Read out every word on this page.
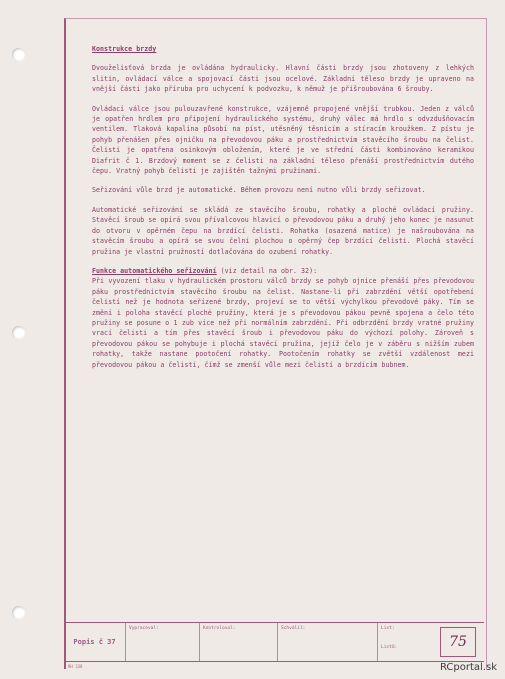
Konstrukce brzdy

Dvouželisťová brzda je ovládána hydraulicky. Hlavní části brzdy jsou zhotoveny z lehkých slitin, ovládací válce a spojovací části jsou ocelové. Základní těleso brzdy je upraveno na vnější části jako příruba pro uchycení k podvozku, k němuž je přišroubována 6 šrouby.

Ovládací válce jsou pulouzavřené konstrukce, vzájemně propojené vnější trubkou. Jeden z válců je opatřen hrdlem pro připojení hydraulického systému, druhý válec má hrdlo s odvzdušňovacím ventilem. Tlaková kapalina působí na píst, utěsněný těsnicím a stíracím kroužkem. Z pístu je pohyb přenášen přes ojničku na převodovou páku a prostřednictvím stavěcího šroubu na čelist. Čelisti je opatřena osinkovým obložením, které je ve střední části kombinováno keramikou Diafrit č 1. Brzdový moment se z čelisti na základní těleso přenáší prostřednictvím dutého čepu. Vratný pohyb čelisti je zajištěn tažnými pružinami.

Seřizování vůle brzd je automatické. Během provozu není nutno vůli brzdy seřizovat.

Automatické seřizování se skládá ze stavěcího šroubu, rohatky a ploché ovládací pružiny. Stavěcí šroub se opírá svou přívalcovou hlavicí o převodovou páku a druhý jeho konec je nasunut do otvoru v opěrném čepu na brzdící čelisti. Rohatka (osazená matice) je našroubována na stavěcím šroubu a opírá se svou čelní plochou o opěrný čep brzdící čelisti. Plochá stavěcí pružina je vlastní pružností dotlačována do ozubení rohatky.

Funkce automatického seřizování (viz detail na obr. 32):

Při vyvození tlaku v hydraulickém prostoru válců brzdy se pohyb ojnice přenáší přes převodovou páku prostřednictvím stavěcího šroubu na čelist. Nastane-li při zabrzdění větší opotřebení čelistí než je hodnota seřízené brzdy, projeví se to větší výchylkou převodové páky. Tím se změní i poloha stavěcí ploché pružiny, která je s převodovou pákou pevně spojena a čelo této pružiny se posune o 1 zub více než při normálním zabrzdění. Při odbrzdění brzdy vratné pružiny vrací čelisti a tím přes stavěcí šroub i převodovou páku do výchozí polohy. Zároveň s převodovou pákou se pohybuje i plochá stavěcí pružina, jejíž čelo je v záběru s nižším zubem rohatky, takže nastane pootočení rohatky. Pootočením rohatky se zvětší vzdálenost mezi převodovou pákou a čelistí, čímž se zmenší vůle mezi čelistí a brzdícím bubnem.

Popis č 37
Vypracoval:	Kontroloval:	Schválil:	List:
Listů:	75
RH 338	RCportal.sk
